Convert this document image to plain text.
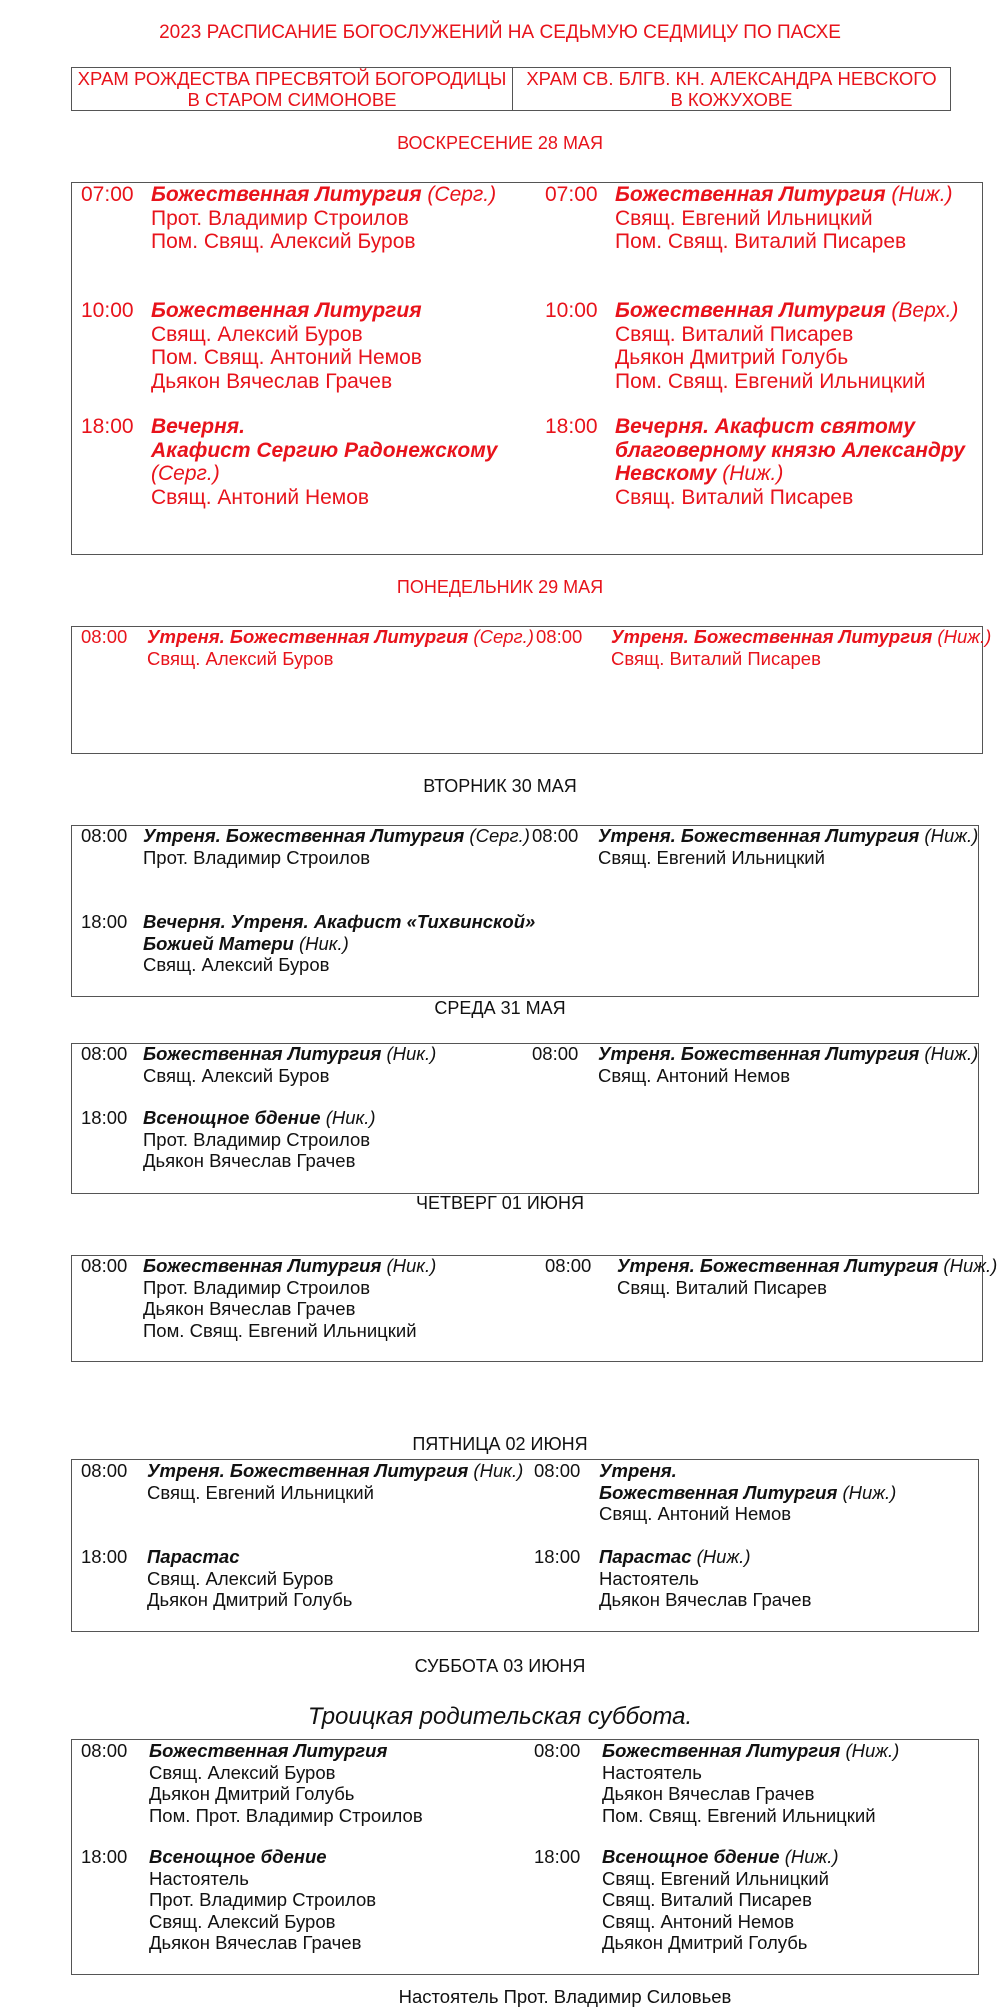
2023 РАСПИСАНИЕ БОГОСЛУЖЕНИЙ НА СЕДЬМУЮ СЕДМИЦУ ПО ПАСХЕ
ХРАМ РОЖДЕСТВА ПРЕСВЯТОЙ БОГОРОДИЦЫ
В СТАРОМ СИМОНОВЕ
ХРАМ СВ. БЛГВ. КН. АЛЕКСАНДРА НЕВСКОГО
В КОЖУХОВЕ
ВОСКРЕСЕНИЕ 28 МАЯ
ПОНЕДЕЛЬНИК 29 МАЯ
ВТОРНИК 30 МАЯ
СРЕДА 31 МАЯ
ЧЕТВЕРГ 01 ИЮНЯ
ПЯТНИЦА 02 ИЮНЯ
СУББОТА 03 ИЮНЯ
Троицкая родительская суббота.
07:00 Божественная Литургия (Серг.)
Прот. Владимир Строилов
Пом. Свящ. Алексий Буров
10:00 Божественная Литургия
Свящ. Алексий Буров
Пом. Свящ. Антоний Немов
Дьякон Вячеслав Грачев
18:00 Вечерня.
Акафист Сергию Радонежскому
(Серг.)
Свящ. Антоний Немов
07:00 Божественная Литургия (Ниж.)
Свящ. Евгений Ильницкий
Пом. Свящ. Виталий Писарев
10:00 Божественная Литургия (Верх.)
Свящ. Виталий Писарев
Дьякон Дмитрий Голубь
Пом. Свящ. Евгений Ильницкий
18:00 Вечерня. Акафист святому
благоверному князю Александру
Невскому (Ниж.)
Свящ. Виталий Писарев
08:00 Утреня. Божественная Литургия (Серг.)
Свящ. Алексий Буров
08:00 Утреня. Божественная Литургия (Ниж.)
Свящ. Виталий Писарев
08:00 Утреня. Божественная Литургия (Серг.)
Прот. Владимир Строилов
18:00 Вечерня. Утреня. Акафист «Тихвинской»
Божией Матери (Ник.)
Свящ. Алексий Буров
08:00 Утреня. Божественная Литургия (Ниж.)
Свящ. Евгений Ильницкий
08:00 Божественная Литургия (Ник.)
Свящ. Алексий Буров
18:00 Всенощное бдение (Ник.)
Прот. Владимир Строилов
Дьякон Вячеслав Грачев
08:00 Утреня. Божественная Литургия (Ниж.)
Свящ. Антоний Немов
08:00 Божественная Литургия (Ник.)
Прот. Владимир Строилов
Дьякон Вячеслав Грачев
Пом. Свящ. Евгений Ильницкий
08:00 Утреня. Божественная Литургия (Ниж.)
Свящ. Виталий Писарев
08:00 Утреня. Божественная Литургия (Ник.)
Свящ. Евгений Ильницкий
18:00 Парастас
Свящ. Алексий Буров
Дьякон Дмитрий Голубь
08:00 Утреня.
Божественная Литургия (Ниж.)
Свящ. Антоний Немов
18:00 Парастас (Ниж.)
Настоятель
Дьякон Вячеслав Грачев
08:00 Божественная Литургия
Свящ. Алексий Буров
Дьякон Дмитрий Голубь
Пом. Прот. Владимир Строилов
18:00 Всенощное бдение
Настоятель
Прот. Владимир Строилов
Свящ. Алексий Буров
Дьякон Вячеслав Грачев
08:00 Божественная Литургия (Ниж.)
Настоятель
Дьякон Вячеслав Грачев
Пом. Свящ. Евгений Ильницкий
18:00 Всенощное бдение (Ниж.)
Свящ. Евгений Ильницкий
Свящ. Виталий Писарев
Свящ. Антоний Немов
Дьякон Дмитрий Голубь
Настоятель Прот. Владимир Силовьев
